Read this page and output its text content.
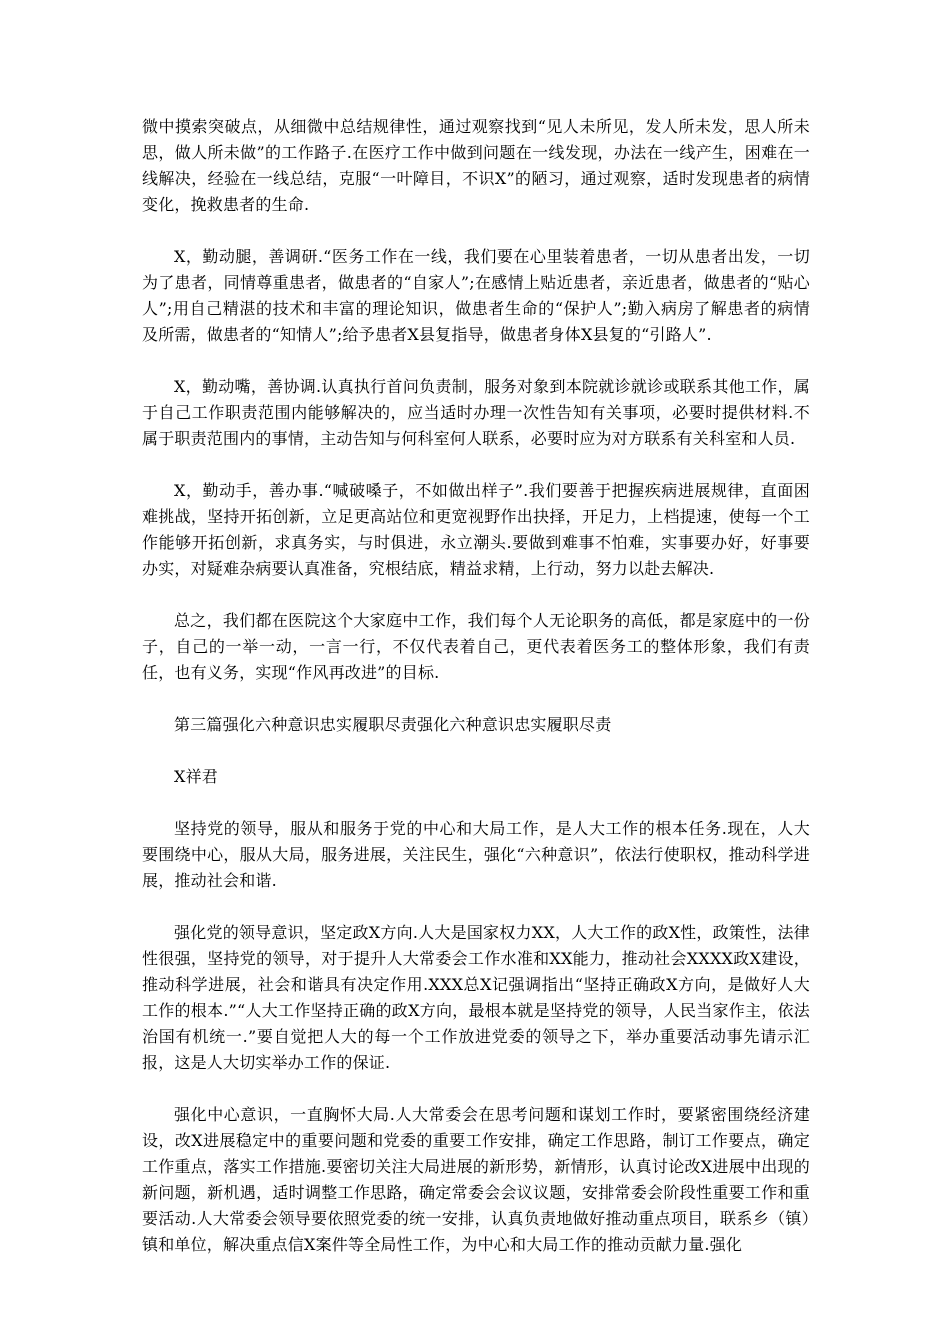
微中摸索突破点，从细微中总结规律性，通过观察找到“见人未所见，发人所未发，思人所未思，做人所未做”的工作路子.在医疗工作中做到问题在一线发现，办法在一线产生，困难在一线解决，经验在一线总结，克服“一叶障目，不识X”的陋习，通过观察，适时发现患者的病情变化，挽救患者的生命.

X，勤动腿，善调研.“医务工作在一线，我们要在心里装着患者，一切从患者出发，一切为了患者，同情尊重患者，做患者的“自家人”;在感情上贴近患者，亲近患者，做患者的“贴心人”;用自己精湛的技术和丰富的理论知识，做患者生命的“保护人”;勤入病房了解患者的病情及所需，做患者的“知情人”;给予患者X县复指导，做患者身体X县复的“引路人”.

X，勤动嘴，善协调.认真执行首问负责制，服务对象到本院就诊就诊或联系其他工作，属于自己工作职责范围内能够解决的，应当适时办理一次性告知有关事项，必要时提供材料.不属于职责范围内的事情，主动告知与何科室何人联系，必要时应为对方联系有关科室和人员.

X，勤动手，善办事.“喊破嗓子，不如做出样子”.我们要善于把握疾病进展规律，直面困难挑战，坚持开拓创新，立足更高站位和更宽视野作出抉择，开足力，上档提速，使每一个工作能够开拓创新，求真务实，与时俱进，永立潮头.要做到难事不怕难，实事要办好，好事要办实，对疑难杂病要认真准备，究根结底，精益求精，上行动，努力以赴去解决.

总之，我们都在医院这个大家庭中工作，我们每个人无论职务的高低，都是家庭中的一份子，自己的一举一动，一言一行，不仅代表着自己，更代表着医务工的整体形象，我们有责任，也有义务，实现“作风再改进”的目标.

第三篇强化六种意识忠实履职尽责强化六种意识忠实履职尽责

X祥君

坚持党的领导，服从和服务于党的中心和大局工作，是人大工作的根本任务.现在，人大要围绕中心，服从大局，服务进展，关注民生，强化“六种意识”，依法行使职权，推动科学进展，推动社会和谐.

强化党的领导意识，坚定政X方向.人大是国家权力XX，人大工作的政X性，政策性，法律性很强，坚持党的领导，对于提升人大常委会工作水准和XX能力，推动社会XXXX政X建设，推动科学进展，社会和谐具有决定作用.XXX总X记强调指出“坚持正确政X方向，是做好人大工作的根本.”“人大工作坚持正确的政X方向，最根本就是坚持党的领导，人民当家作主，依法治国有机统一.”要自觉把人大的每一个工作放进党委的领导之下，举办重要活动事先请示汇报，这是人大切实举办工作的保证.

强化中心意识，一直胸怀大局.人大常委会在思考问题和谋划工作时，要紧密围绕经济建设，改X进展稳定中的重要问题和党委的重要工作安排，确定工作思路，制订工作要点，确定工作重点，落实工作措施.要密切关注大局进展的新形势，新情形，认真讨论改X进展中出现的新问题，新机遇，适时调整工作思路，确定常委会会议议题，安排常委会阶段性重要工作和重要活动.人大常委会领导要依照党委的统一安排，认真负责地做好推动重点项目，联系乡（镇）镇和单位，解决重点信X案件等全局性工作，为中心和大局工作的推动贡献力量.强化
